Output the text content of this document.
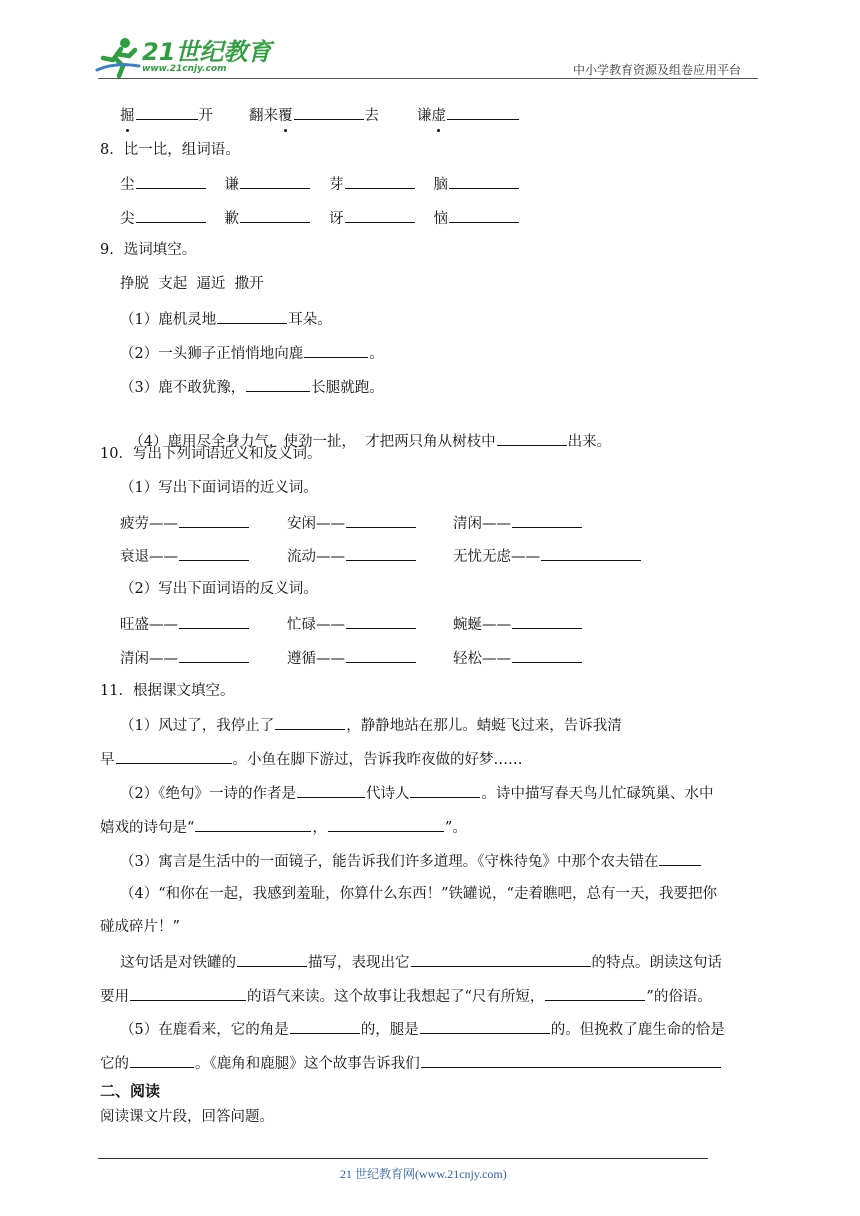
21世纪教育
www.21cnjy.com	中小学教育资源及组卷应用平台
掘	开 翻来覆	去	谦虚
8．比一比，组词语。
尘	谦	芽	脑
尖	歉	讶	恼
9．选词填空。
挣脱  支起  逼近  撒开
（1）鹿机灵地	耳朵。
（2）一头狮子正悄悄地向鹿	。
（3）鹿不敢犹豫，	长腿就跑。

（4）鹿用尽全身力气，使劲一扯，  才把两只角从树枝中	出来。

10．写出下列词语近义和反义词。
（1）写出下面词语的近义词。
疲劳——	安闲——	清闲——
衰退——	流动——	无忧无虑——
（2）写出下面词语的反义词。
旺盛——	忙碌——	蜿蜒——
清闲——	遵循——	轻松——
11．根据课文填空。
（1）风过了，我停止了	，静静地站在那儿。蜻蜓飞过来，告诉我清
早	。小鱼在脚下游过，告诉我昨夜做的好梦……
（2）《绝句》一诗的作者是	代诗人	。诗中描写春天鸟儿忙碌筑巢、水中
嬉戏的诗句是“	，	”。
（3）寓言是生活中的一面镜子，能告诉我们许多道理。《守株待兔》中那个农夫错在
（4）“和你在一起，我感到羞耻，你算什么东西！”铁罐说，“走着瞧吧，总有一天，我要把你
碰成碎片！”
这句话是对铁罐的	描写，表现出它	的特点。朗读这句话
要用	的语气来读。这个故事让我想起了“尺有所短，	”的俗语。
（5）在鹿看来，它的角是	的，腿是	的。但挽救了鹿生命的恰是
它的	。《鹿角和鹿腿》这个故事告诉我们
二、阅读
阅读课文片段，回答问题。
21 世纪教育网(www.21cnjy.com)
